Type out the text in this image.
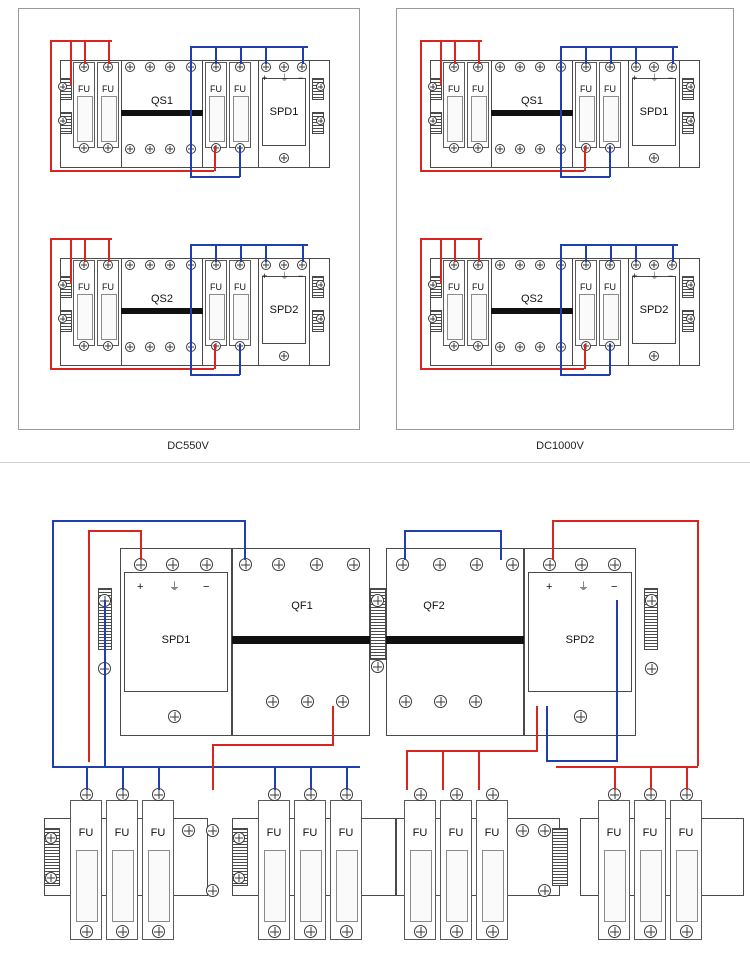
FU	FU
QS1
FU	FU
SPD1
+ ⏚ −
FU	FU
QS2
FU	FU
SPD2
+ ⏚ −
DC550V
FU	FU
QS1
FU	FU
SPD1
+ ⏚ −
FU	FU
QS2
FU	FU
SPD2
+ ⏚ −
DC1000V
SPD1
+ ⏚ −
QF1	QF2
SPD2
+ ⏚ −
FU	FU	FU	FU	FU	FU	FU	FU	FU	FU	FU	FU
